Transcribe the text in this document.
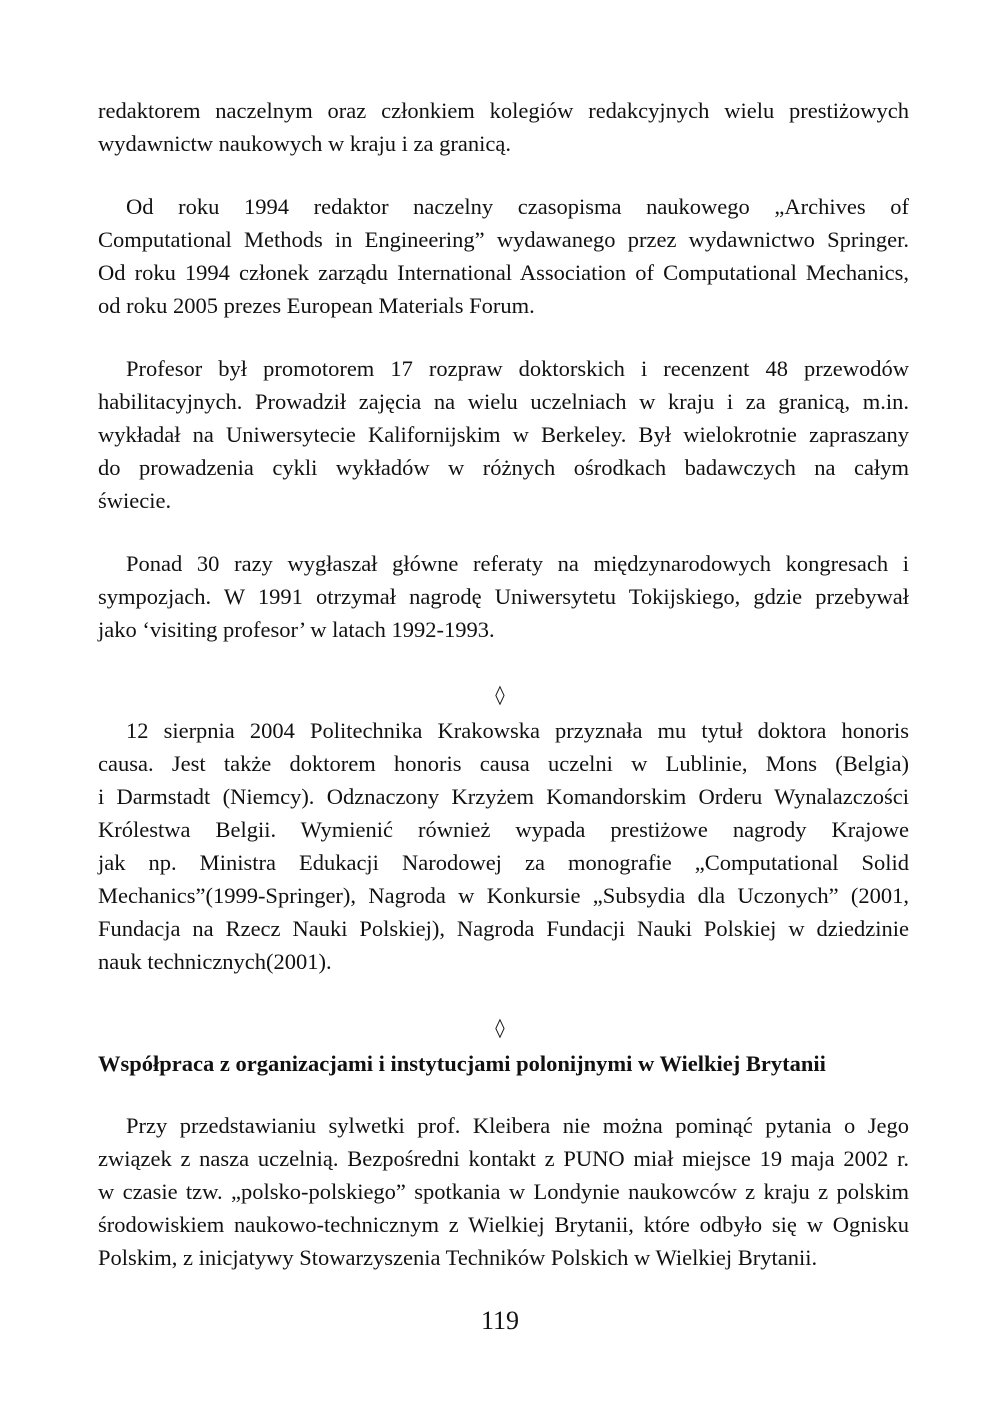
redaktorem naczelnym oraz członkiem kolegiów redakcyjnych wielu prestiżowych
wydawnictw naukowych w kraju i za granicą.
Od roku 1994 redaktor naczelny czasopisma naukowego „Archives of
Computational Methods in Engineering” wydawanego przez wydawnictwo Springer.
Od roku 1994 członek zarządu International Association of Computational Mechanics,
od roku 2005 prezes European Materials Forum.
Profesor był promotorem 17 rozpraw doktorskich i recenzent 48 przewodów
habilitacyjnych. Prowadził zajęcia na wielu uczelniach w kraju i za granicą, m.in.
wykładał na Uniwersytecie Kalifornijskim w Berkeley. Był wielokrotnie zapraszany
do prowadzenia cykli wykładów w różnych ośrodkach badawczych na całym
świecie.
Ponad 30 razy wygłaszał główne referaty na międzynarodowych kongresach i
sympozjach. W 1991 otrzymał nagrodę Uniwersytetu Tokijskiego, gdzie przebywał
jako ‘visiting profesor’ w latach 1992-1993.
◊
12 sierpnia 2004 Politechnika Krakowska przyznała mu tytuł doktora honoris
causa. Jest także doktorem honoris causa uczelni w Lublinie, Mons (Belgia)
i Darmstadt (Niemcy). Odznaczony Krzyżem Komandorskim Orderu Wynalazczości
Królestwa Belgii. Wymienić również wypada prestiżowe nagrody Krajowe
jak np. Ministra Edukacji Narodowej za monografie „Computational Solid
Mechanics”(1999-Springer), Nagroda w Konkursie „Subsydia dla Uczonych” (2001,
Fundacja na Rzecz Nauki Polskiej), Nagroda Fundacji Nauki Polskiej w dziedzinie
nauk technicznych(2001).
◊
Współpraca z organizacjami i instytucjami polonijnymi w Wielkiej Brytanii
Przy przedstawianiu sylwetki prof. Kleibera nie można pominąć pytania o Jego
związek z nasza uczelnią. Bezpośredni kontakt z PUNO miał miejsce 19 maja 2002 r.
w czasie tzw. „polsko-polskiego” spotkania w Londynie naukowców z kraju z polskim
środowiskiem naukowo-technicznym z Wielkiej Brytanii, które odbyło się w Ognisku
Polskim, z inicjatywy Stowarzyszenia Techników Polskich w Wielkiej Brytanii.
119
